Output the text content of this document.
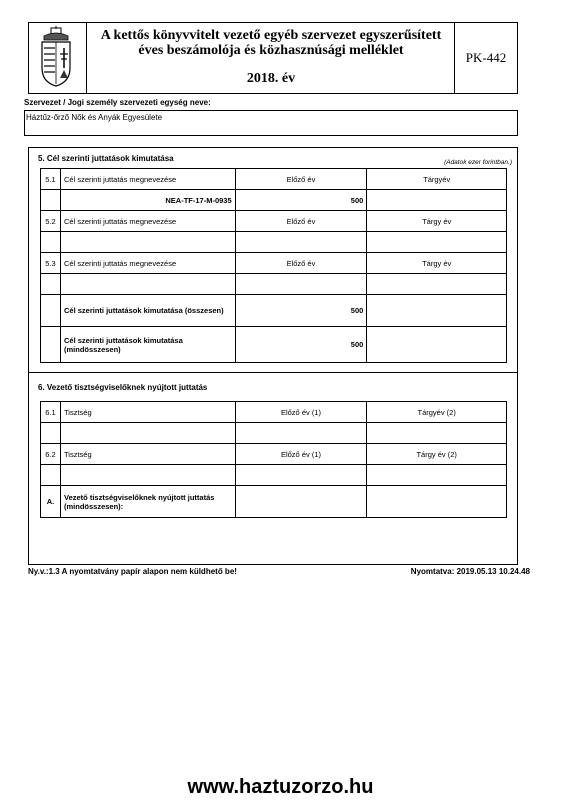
A kettős könyvvitelt vezető egyéb szervezet egyszerűsített
éves beszámolója és közhasznúsági melléklet
2018. év
PK-442
Szervezet / Jogi személy szervezeti egység neve:
Háztűz-őrző Nők és Anyák Egyesülete
5. Cél szerinti juttatások kimutatása	(Adatok ezer forintban.)
5.1	Cél szerinti juttatás megnevezése	Előző év	Tárgyév
	NEA-TF-17-M-0935	500	
5.2	Cél szerinti juttatás megnevezése	Előző év	Tárgy év

5.3	Cél szerinti juttatás megnevezése	Előző év	Tárgy év

	Cél szerinti juttatások kimutatása (összesen)	500	
	Cél szerinti juttatások kimutatása (mindösszesen)	500	
6. Vezető tisztségviselőknek nyújtott juttatás
6.1	Tisztség	Előző év (1)	Tárgyév (2)

6.2	Tisztség	Előző év (1)	Tárgy év (2)

A.	Vezető tisztségviselőknek nyújtott juttatás (mindösszesen):		
Ny.v.:1.3 A nyomtatvány papír alapon nem küldhető be!	Nyomtatva: 2019.05.13 10.24.48
www.haztuzorzo.hu
